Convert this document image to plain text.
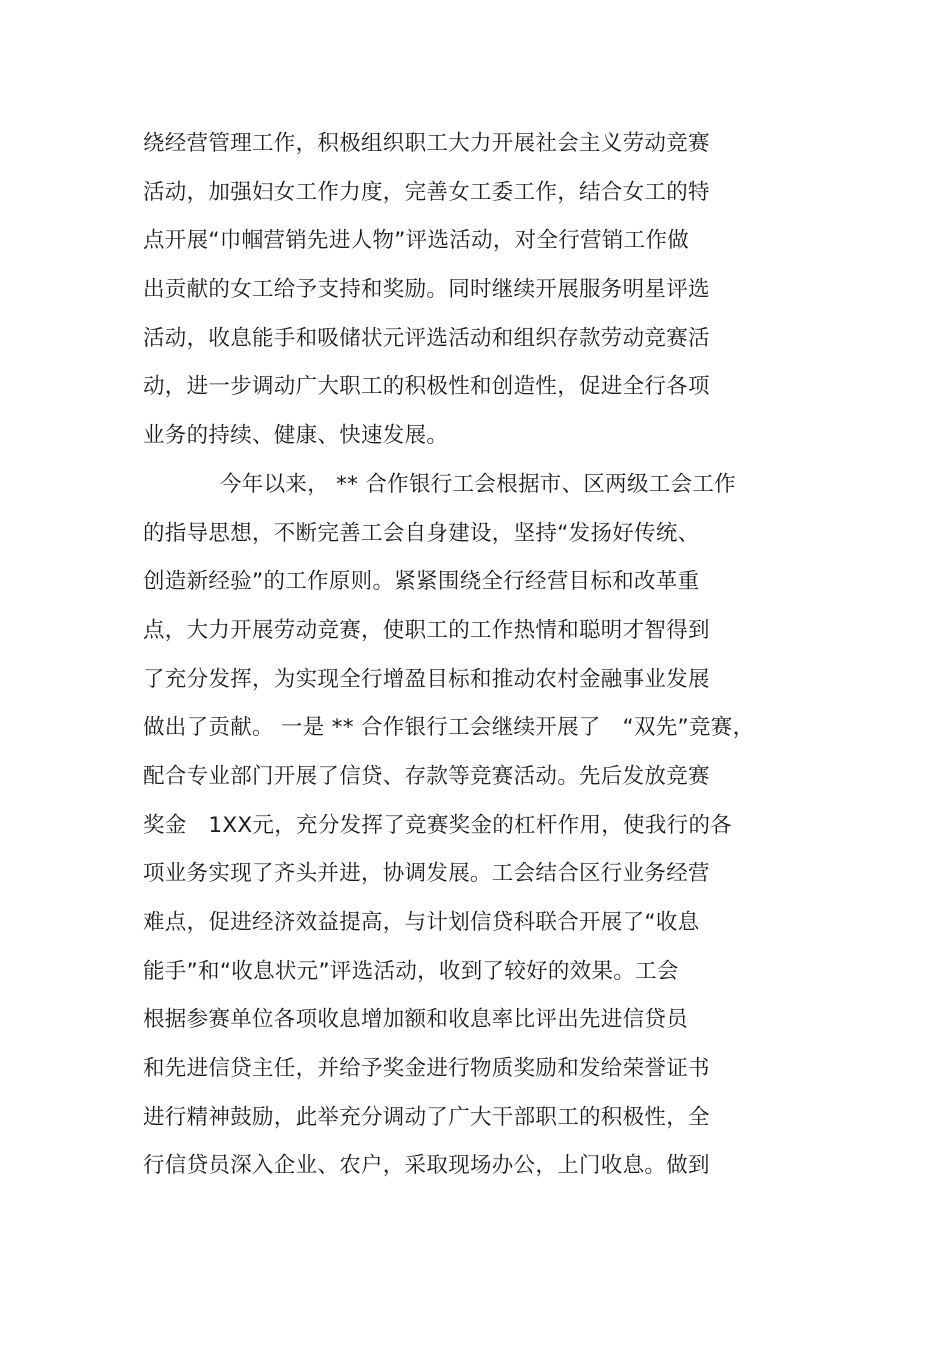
绕经营管理工作，积极组织职工大力开展社会主义劳动竞赛
活动，加强妇女工作力度，完善女工委工作，结合女工的特
点开展“巾帼营销先进人物”评选活动，对全行营销工作做
出贡献的女工给予支持和奖励。同时继续开展服务明星评选
活动，收息能手和吸储状元评选活动和组织存款劳动竞赛活
动，进一步调动广大职工的积极性和创造性，促进全行各项
业务的持续、健康、快速发展。
今年以来， ** 合作银行工会根据市、区两级工会工作
的指导思想，不断完善工会自身建设，坚持“发扬好传统、
创造新经验”的工作原则。紧紧围绕全行经营目标和改革重
点，大力开展劳动竞赛，使职工的工作热情和聪明才智得到
了充分发挥，为实现全行增盈目标和推动农村金融事业发展
做出了贡献。 一是 ** 合作银行工会继续开展了　“双先”竞赛，
配合专业部门开展了信贷、存款等竞赛活动。先后发放竞赛
奖金　1XX元，充分发挥了竞赛奖金的杠杆作用，使我行的各
项业务实现了齐头并进，协调发展。工会结合区行业务经营
难点，促进经济效益提高，与计划信贷科联合开展了“收息
能手”和“收息状元”评选活动，收到了较好的效果。工会
根据参赛单位各项收息增加额和收息率比评出先进信贷员
和先进信贷主任，并给予奖金进行物质奖励和发给荣誉证书
进行精神鼓励，此举充分调动了广大干部职工的积极性，全
行信贷员深入企业、农户，采取现场办公，上门收息。做到
